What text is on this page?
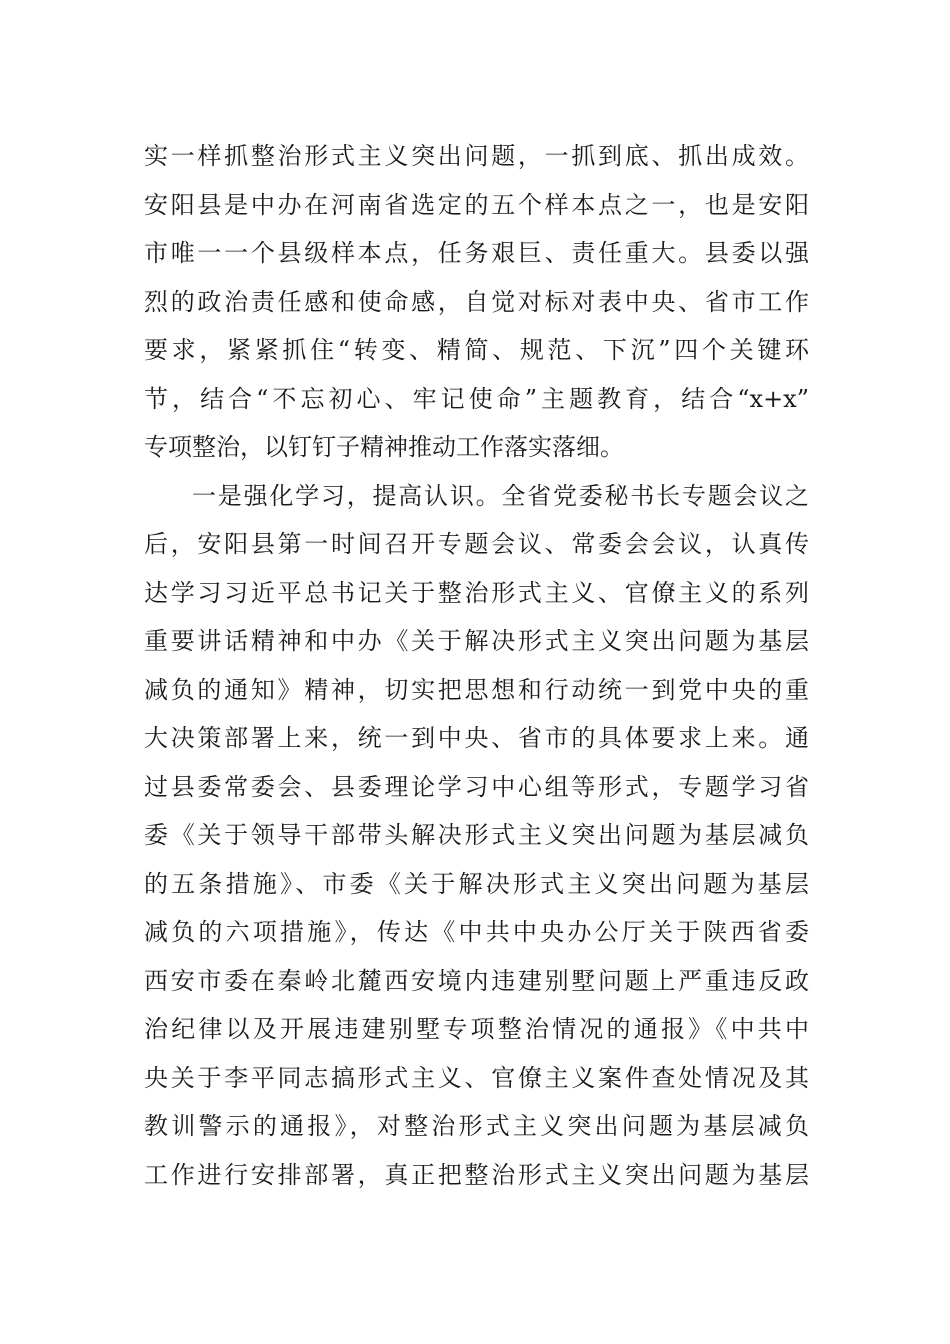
实一样抓整治形式主义突出问题，一抓到底、抓出成效。
安阳县是中办在河南省选定的五个样本点之一，也是安阳
市唯一一个县级样本点，任务艰巨、责任重大。县委以强
烈的政治责任感和使命感，自觉对标对表中央、省市工作
要求，紧紧抓住“转变、精简、规范、下沉”四个关键环
节，结合“不忘初心、牢记使命”主题教育，结合“x+x”
专项整治，以钉钉子精神推动工作落实落细。
一是强化学习，提高认识。全省党委秘书长专题会议之
后，安阳县第一时间召开专题会议、常委会会议，认真传
达学习习近平总书记关于整治形式主义、官僚主义的系列
重要讲话精神和中办《关于解决形式主义突出问题为基层
减负的通知》精神，切实把思想和行动统一到党中央的重
大决策部署上来，统一到中央、省市的具体要求上来。通
过县委常委会、县委理论学习中心组等形式，专题学习省
委《关于领导干部带头解决形式主义突出问题为基层减负
的五条措施》、市委《关于解决形式主义突出问题为基层
减负的六项措施》，传达《中共中央办公厅关于陕西省委
西安市委在秦岭北麓西安境内违建别墅问题上严重违反政
治纪律以及开展违建别墅专项整治情况的通报》《中共中
央关于李平同志搞形式主义、官僚主义案件查处情况及其
教训警示的通报》，对整治形式主义突出问题为基层减负
工作进行安排部署，真正把整治形式主义突出问题为基层
